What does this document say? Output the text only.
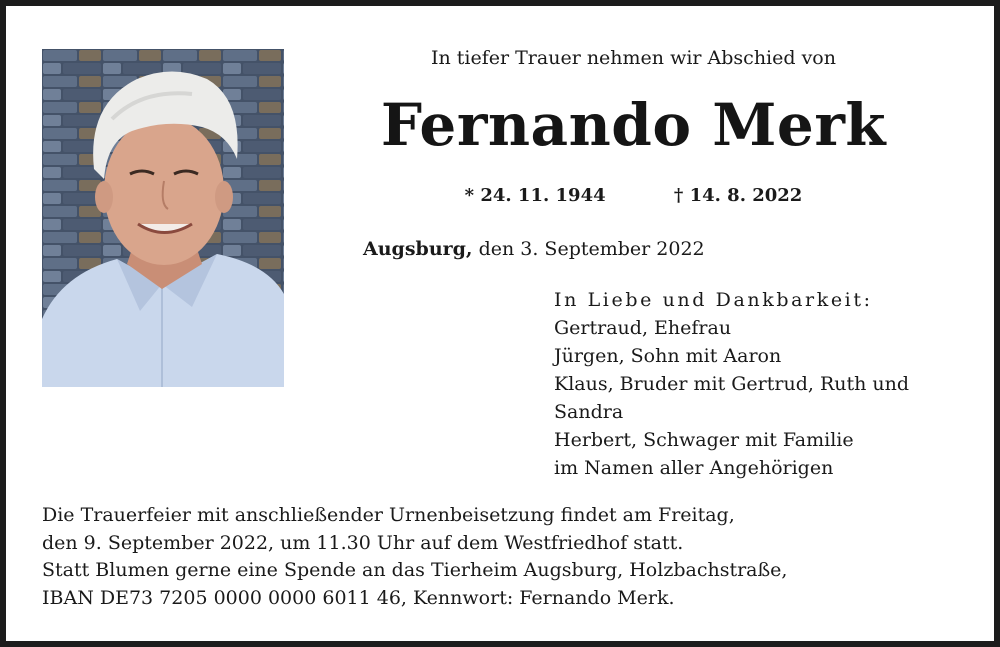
In tiefer Trauer nehmen wir Abschied von
Fernando Merk
* 24. 11. 1944	† 14. 8. 2022
Augsburg, den 3. September 2022
In Liebe und Dankbarkeit:
Gertraud, Ehefrau
Jürgen, Sohn mit Aaron
Klaus, Bruder mit Gertrud, Ruth und
Sandra
Herbert, Schwager mit Familie
im Namen aller Angehörigen
Die Trauerfeier mit anschließender Urnenbeisetzung findet am Freitag,
den 9. September 2022, um 11.30 Uhr auf dem Westfriedhof statt.
Statt Blumen gerne eine Spende an das Tierheim Augsburg, Holzbachstraße,
IBAN DE73 7205 0000 0000 6011 46, Kennwort: Fernando Merk.
